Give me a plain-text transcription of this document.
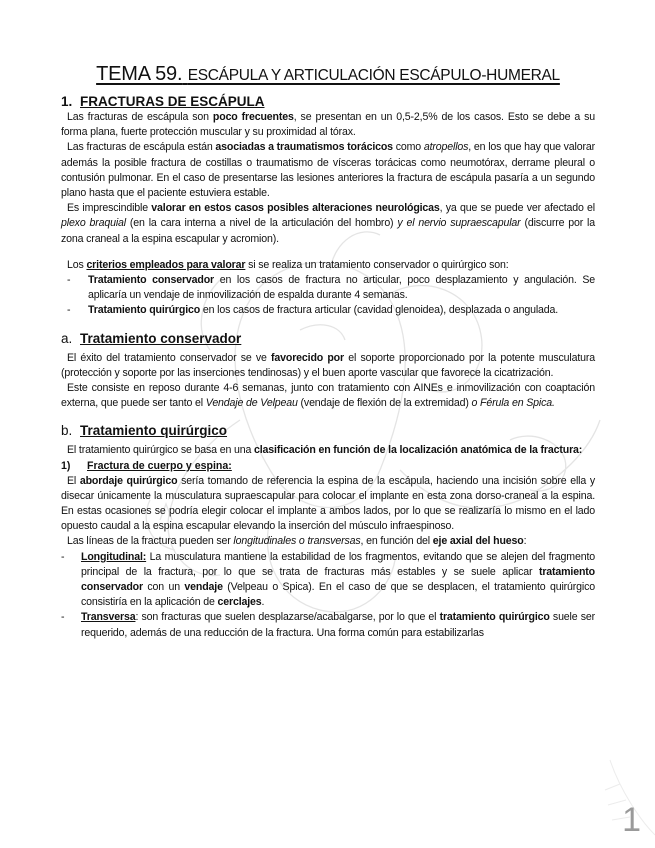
TEMA 59. ESCÁPULA Y ARTICULACIÓN ESCÁPULO-HUMERAL
1. FRACTURAS DE ESCÁPULA

Las fracturas de escápula son poco frecuentes, se presentan en un 0,5-2,5% de los casos. Esto se debe a su forma plana, fuerte protección muscular y su proximidad al tórax.

Las fracturas de escápula están asociadas a traumatismos torácicos como atropellos, en los que hay que valorar además la posible fractura de costillas o traumatismo de vísceras torácicas como neumotórax, derrame pleural o contusión pulmonar. En el caso de presentarse las lesiones anteriores la fractura de escápula pasaría a un segundo plano hasta que el paciente estuviera estable.

Es imprescindible valorar en estos casos posibles alteraciones neurológicas, ya que se puede ver afectado el plexo braquial (en la cara interna a nivel de la articulación del hombro) y el nervio supraescapular (discurre por la zona craneal a la espina escapular y acromion).

Los criterios empleados para valorar si se realiza un tratamiento conservador o quirúrgico son:

- Tratamiento conservador en los casos de fractura no articular, poco desplazamiento y angulación. Se aplicaría un vendaje de inmovilización de espalda durante 4 semanas.

- Tratamiento quirúrgico en los casos de fractura articular (cavidad glenoidea), desplazada o angulada.

a. Tratamiento conservador

El éxito del tratamiento conservador se ve favorecido por el soporte proporcionado por la potente musculatura (protección y soporte por las inserciones tendinosas) y el buen aporte vascular que favorece la cicatrización.

Este consiste en reposo durante 4-6 semanas, junto con tratamiento con AINEs e inmovilización con coaptación externa, que puede ser tanto el Vendaje de Velpeau (vendaje de flexión de la extremidad) o Férula en Spica.

b. Tratamiento quirúrgico

El tratamiento quirúrgico se basa en una clasificación en función de la localización anatómica de la fractura:

1) Fractura de cuerpo y espina:

El abordaje quirúrgico sería tomando de referencia la espina de la escápula, haciendo una incisión sobre ella y disecar únicamente la musculatura supraescapular para colocar el implante en esta zona dorso-craneal a la espina. En estas ocasiones se podría elegir colocar el implante a ambos lados, por lo que se realizaría lo mismo en el lado opuesto caudal a la espina escapular elevando la inserción del músculo infraespinoso.

Las líneas de la fractura pueden ser longitudinales o transversas, en función del eje axial del hueso:

- Longitudinal: La musculatura mantiene la estabilidad de los fragmentos, evitando que se alejen del fragmento principal de la fractura, por lo que se trata de fracturas más estables y se suele aplicar tratamiento conservador con un vendaje (Velpeau o Spica). En el caso de que se desplacen, el tratamiento quirúrgico consistiría en la aplicación de cerclajes.

- Transversa: son fracturas que suelen desplazarse/acabalgarse, por lo que el tratamiento quirúrgico suele ser requerido, además de una reducción de la fractura. Una forma común para estabilizarlas

1
